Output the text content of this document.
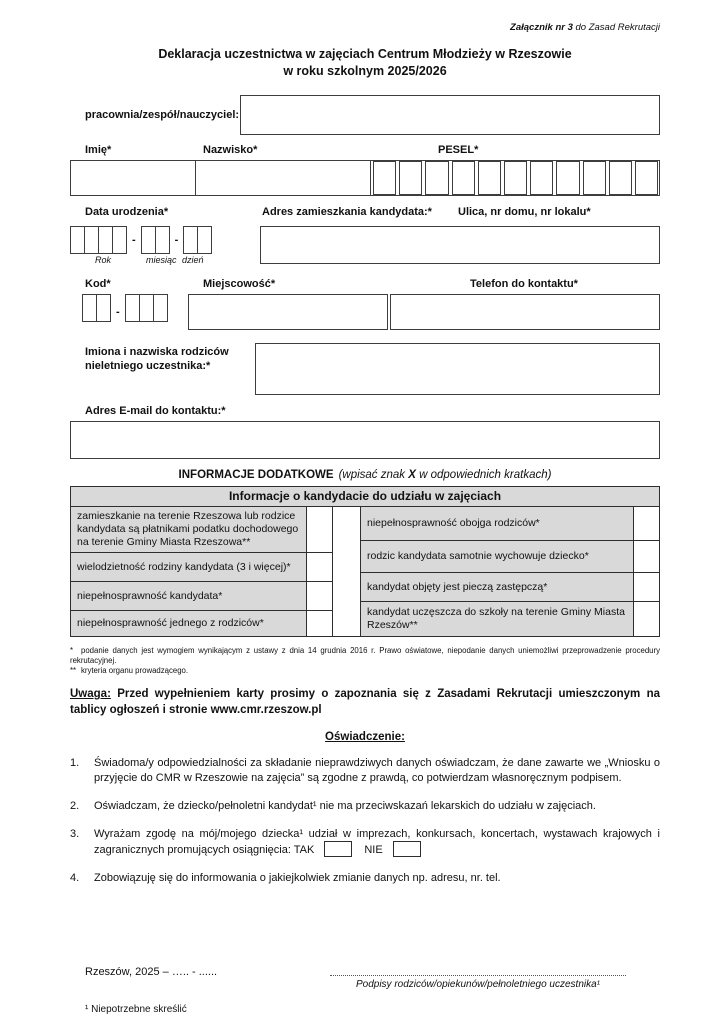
Załącznik nr 3 do Zasad Rekrutacji
Deklaracja uczestnictwa w zajęciach Centrum Młodzieży w Rzeszowie
w roku szkolnym 2025/2026
pracownia/zespół/nauczyciel:
Imię*	Nazwisko*	PESEL*
Data urodzenia*	Adres zamieszkania kandydata:* Ulica, nr domu, nr lokalu*
-	-
Rok	miesiąc dzień
Kod*	Miejscowość*	Telefon do kontaktu*
-
Imiona i nazwiska rodziców nieletniego uczestnika:*
Adres E-mail do kontaktu:*
INFORMACJE DODATKOWE (wpisać znak X w odpowiednich kratkach)
Informacje o kandydacie do udziału w zajęciach
zamieszkanie na terenie Rzeszowa lub rodzice kandydata są płatnikami podatku dochodowego na terenie Gminy Miasta Rzeszowa**
wielodzietność rodziny kandydata (3 i więcej)*
niepełnosprawność kandydata*
niepełnosprawność jednego z rodziców*
niepełnosprawność obojga rodziców*
rodzic kandydata samotnie wychowuje dziecko*
kandydat objęty jest pieczą zastępczą*
kandydat uczęszcza do szkoły na terenie Gminy Miasta Rzeszów**

* podanie danych jest wymogiem wynikającym z ustawy z dnia 14 grudnia 2016 r. Prawo oświatowe, niepodanie danych uniemożliwi przeprowadzenie procedury rekrutacyjnej.

** kryteria organu prowadzącego.

Uwaga: Przed wypełnieniem karty prosimy o zapoznania się z Zasadami Rekrutacji umieszczonym na tablicy ogłoszeń i stronie www.cmr.rzeszow.pl

Oświadczenie:
1.	Świadoma/y odpowiedzialności za składanie nieprawdziwych danych oświadczam, że dane zawarte we „Wniosku o przyjęcie do CMR w Rzeszowie na zajęcia” są zgodne z prawdą, co potwierdzam własnoręcznym podpisem.
2.	Oświadczam, że dziecko/pełnoletni kandydat¹ nie ma przeciwskazań lekarskich do udziału w zajęciach.
3.	Wyrażam zgodę na mój/mojego dziecka¹ udział w imprezach, konkursach, koncertach, wystawach krajowych i zagranicznych promujących osiągnięcia: TAK	NIE
4.	Zobowiązuję się do informowania o jakiejkolwiek zmianie danych np. adresu, nr. tel.
Rzeszów, 2025 – ….. - ......
Podpisy rodziców/opiekunów/pełnoletniego uczestnika¹
¹ Niepotrzebne skreślić
